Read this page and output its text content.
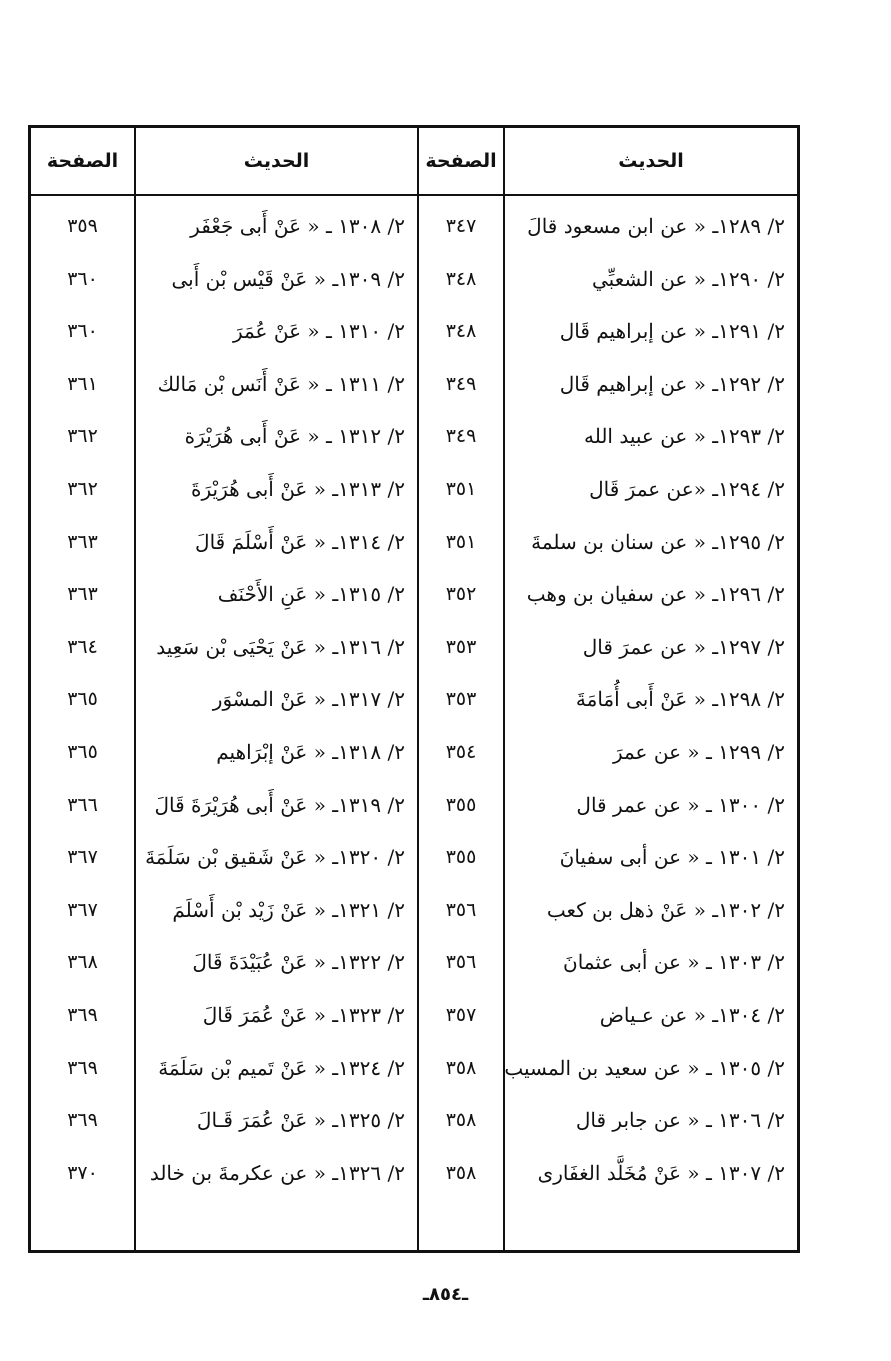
الحديث
٢/ ١٢٨٩ـ « عن ابن مسعود قالَ
٢/ ١٢٩٠ـ « عن الشعبِّي
٢/ ١٢٩١ـ « عن إبراهيم قَال
٢/ ١٢٩٢ـ « عن إبراهيم قَال
٢/ ١٢٩٣ـ « عن عبيد الله
٢/ ١٢٩٤ـ «عن عمرَ قَال
٢/ ١٢٩٥ـ « عن سنان بن سلمةَ
٢/ ١٢٩٦ـ « عن سفيان بن وهب
٢/ ١٢٩٧ـ « عن عمرَ قال
٢/ ١٢٩٨ـ « عَنْ أَبى أُمَامَةَ
٢/ ١٢٩٩ ـ « عن عمرَ
٢/ ١٣٠٠ ـ « عن عمر قال
٢/ ١٣٠١ ـ « عن أبى سفيانَ
٢/ ١٣٠٢ـ « عَنْ ذهل بن كعب
٢/ ١٣٠٣ ـ « عن أبى عثمانَ
٢/ ١٣٠٤ـ « عن عـياض
٢/ ١٣٠٥ ـ « عن سعيد بن المسيب
٢/ ١٣٠٦ ـ « عن جابر قال
٢/ ١٣٠٧ ـ « عَنْ مُخَلَّد الغفَارى
الصفحة
٣٤٧
٣٤٨
٣٤٨
٣٤٩
٣٤٩
٣٥١
٣٥١
٣٥٢
٣٥٣
٣٥٣
٣٥٤
٣٥٥
٣٥٥
٣٥٦
٣٥٦
٣٥٧
٣٥٨
٣٥٨
٣٥٨
الحديث
٢/ ١٣٠٨ ـ « عَنْ أَبى جَعْفَر
٢/ ١٣٠٩ـ « عَنْ قَيْس بْن أَبى
٢/ ١٣١٠ ـ « عَنْ عُمَرَ
٢/ ١٣١١ ـ « عَنْ أَنَس بْن مَالك
٢/ ١٣١٢ ـ « عَنْ أَبى هُرَيْرَة
٢/ ١٣١٣ـ « عَنْ أَبى هُرَيْرَةَ
٢/ ١٣١٤ـ « عَنْ أَسْلَمَ قَالَ
٢/ ١٣١٥ـ « عَنِ الأَحْنَف
٢/ ١٣١٦ـ « عَنْ يَحْيَى بْن سَعِيد
٢/ ١٣١٧ـ « عَنْ المسْوَر
٢/ ١٣١٨ـ « عَنْ إبْرَاهيم
٢/ ١٣١٩ـ « عَنْ أَبى هُرَيْرَةَ قَالَ
٢/ ١٣٢٠ـ « عَنْ شَقيق بْن سَلَمَةَ
٢/ ١٣٢١ـ « عَنْ زَيْد بْن أَسْلَمَ
٢/ ١٣٢٢ـ « عَنْ عُبَيْدَةَ قَالَ
٢/ ١٣٢٣ـ « عَنْ عُمَرَ قَالَ
٢/ ١٣٢٤ـ « عَنْ تَميم بْن سَلَمَةَ
٢/ ١٣٢٥ـ « عَنْ عُمَرَ قَـالَ
٢/ ١٣٢٦ـ « عن عكرمةَ بن خالد
الصفحة
٣٥٩
٣٦٠
٣٦٠
٣٦١
٣٦٢
٣٦٢
٣٦٣
٣٦٣
٣٦٤
٣٦٥
٣٦٥
٣٦٦
٣٦٧
٣٦٧
٣٦٨
٣٦٩
٣٦٩
٣٦٩
٣٧٠
ـ٨٥٤ـ
